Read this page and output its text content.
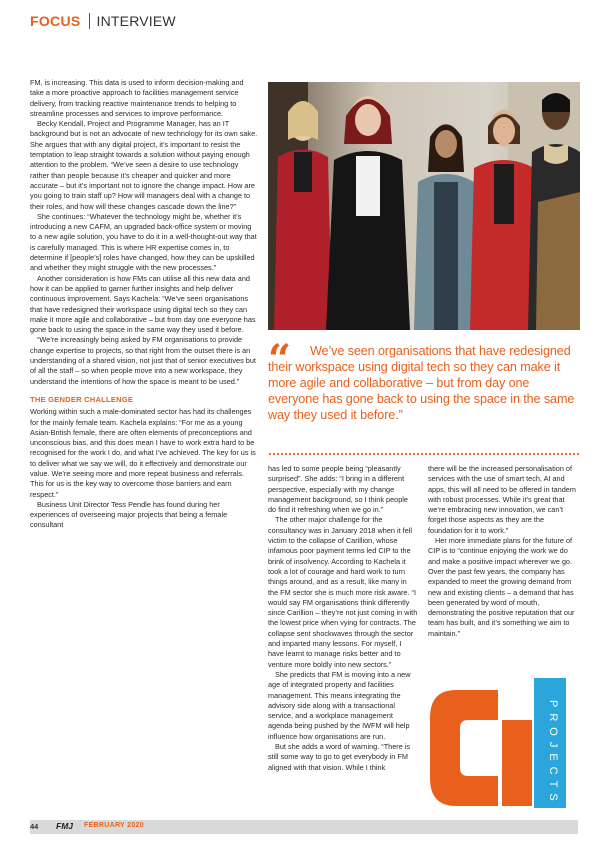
FOCUS INTERVIEW

FM, is increasing. This data is used to inform decision-making and take a more proactive approach to facilities management service delivery, from tracking reactive maintenance trends to helping to streamline processes and services to improve performance.

Becky Kendall, Project and Programme Manager, has an IT background but is not an advocate of new technology for its own sake. She argues that with any digital project, it’s important to resist the temptation to leap straight towards a solution without paying enough attention to the problem. “We’ve seen a desire to use technology rather than people because it’s cheaper and quicker and more accurate – but it’s important not to ignore the change impact. How are you going to train staff up? How will managers deal with a change to their roles, and how will these changes cascade down the line?”

She continues: “Whatever the technology might be, whether it’s introducing a new CAFM, an upgraded back-office system or moving to a new agile solution, you have to do it in a well-thought-out way that is carefully managed. This is where HR expertise comes in, to determine if [people’s] roles have changed, how they can be upskilled and whether they might struggle with the new processes.”

Another consideration is how FMs can utilise all this new data and how it can be applied to garner further insights and help deliver continuous improvement. Says Kachela: “We’ve seen organisations that have redesigned their workspace using digital tech so they can make it more agile and collaborative – but from day one everyone has gone back to using the space in the same way they used it before.

“We’re increasingly being asked by FM organisations to provide change expertise to projects, so that right from the outset there is an understanding of a shared vision, not just that of senior executives but of all the staff – so when people move into a new workspace, they understand the intentions of how the space is meant to be used.”

THE GENDER CHALLENGE

Working within such a male-dominated sector has had its challenges for the mainly female team. Kachela explains: “For me as a young Asian-British female, there are often elements of preconceptions and unconscious bias, and this does mean I have to work extra hard to be recognised for the work I do, and what I’ve achieved. The key for us is to deliver what we say we will, do it effectively and demonstrate our value. We’re seeing more and more repeat business and referrals. This for us is the key way to overcome those barriers and earn respect.”

Business Unit Director Tess Pendle has found during her experiences of overseeing major projects that being a female consultant

“	We’ve seen organisations that have redesigned their workspace using digital tech so they can make it more agile and collaborative – but from day one everyone has gone back to using the space in the same way they used it before.”

has led to some people being “pleasantly surprised”. She adds: “I bring in a different perspective, especially with my change management background, so I think people do find it refreshing when we go in.”

The other major challenge for the consultancy was in January 2018 when it fell victim to the collapse of Carillion, whose infamous poor payment terms led CIP to the brink of insolvency. According to Kachela it took a lot of courage and hard work to turn things around, and as a result, like many in the FM sector she is much more risk aware. “I would say FM organisations think differently since Carillion – they’re not just coming in with the lowest price when vying for contracts. The collapse sent shockwaves through the sector and imparted many lessons. For myself, I have learnt to manage risks better and to venture more boldly into new sectors.”

She predicts that FM is moving into a new age of integrated property and facilities management. This means integrating the advisory side along with a transactional service, and a workplace management agenda being pushed by the IWFM will help influence how organisations are run.

But she adds a word of warning. “There is still some way to go to get everybody in FM aligned with that vision. While I think

there will be the increased personalisation of services with the use of smart tech, AI and apps, this will all need to be offered in tandem with robust processes. While it’s great that we’re embracing new innovation, we can’t forget those aspects as they are the foundation for it to work.”

Her more immediate plans for the future of CIP is to “continue enjoying the work we do and make a positive impact wherever we go. Over the past few years, the company has expanded to meet the growing demand from new and existing clients – a demand that has been generated by word of mouth, demonstrating the positive reputation that our team has built, and it’s something we aim to maintain.”

PROJECTS
44 FMJ FEBRUARY 2020
